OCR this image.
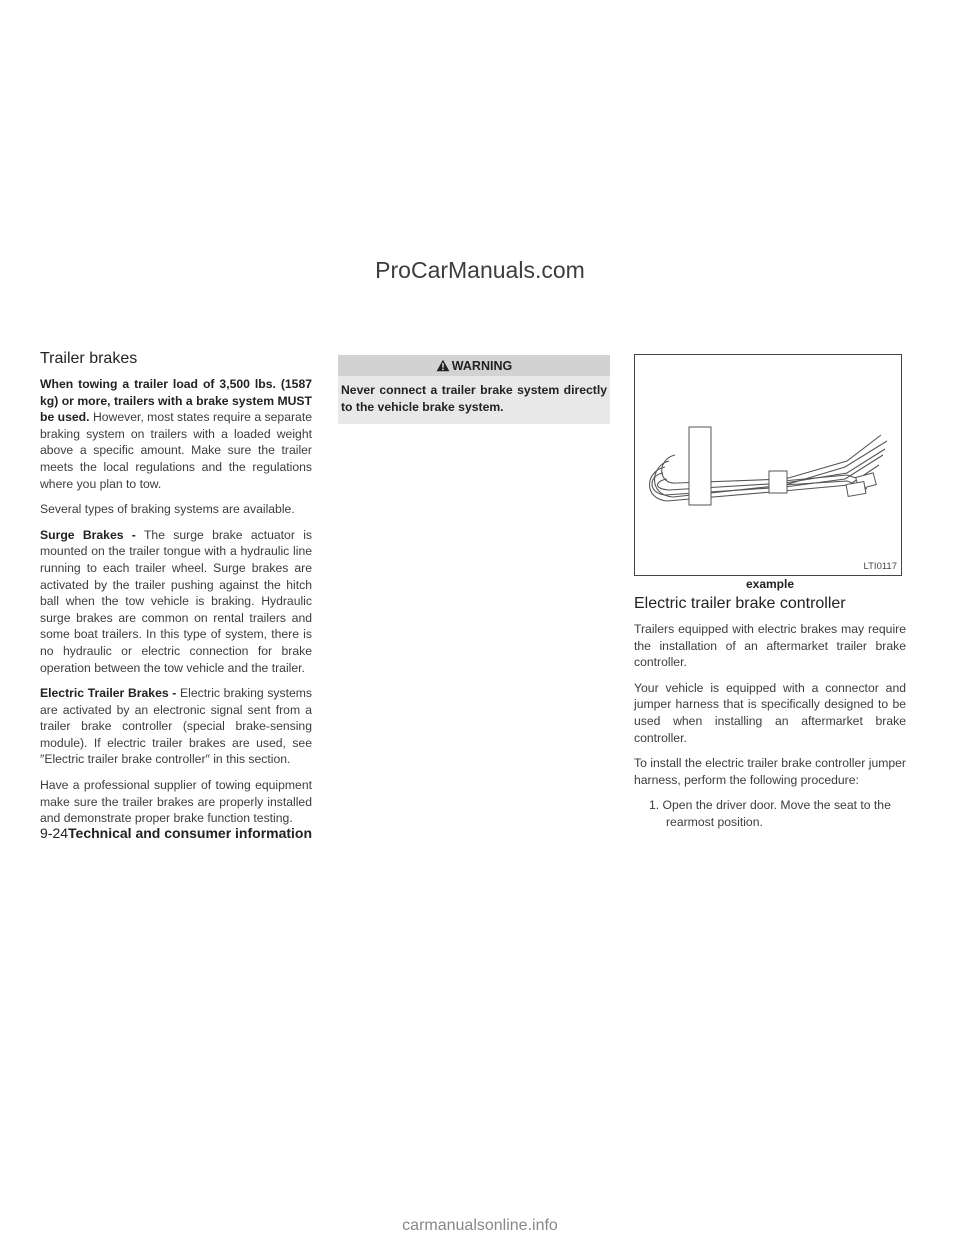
ProCarManuals.com
Trailer brakes

When towing a trailer load of 3,500 lbs. (1587 kg) or more, trailers with a brake system MUST be used. However, most states require a separate braking system on trailers with a loaded weight above a specific amount. Make sure the trailer meets the local regulations and the regulations where you plan to tow.

Several types of braking systems are available.

Surge Brakes - The surge brake actuator is mounted on the trailer tongue with a hydraulic line running to each trailer wheel. Surge brakes are activated by the trailer pushing against the hitch ball when the tow vehicle is braking. Hydraulic surge brakes are common on rental trailers and some boat trailers. In this type of system, there is no hydraulic or electric connection for brake operation between the tow vehicle and the trailer.

Electric Trailer Brakes - Electric braking systems are activated by an electronic signal sent from a trailer brake controller (special brake-sensing module). If electric trailer brakes are used, see ″Electric trailer brake controller″ in this section.

Have a professional supplier of towing equipment make sure the trailer brakes are properly installed and demonstrate proper brake function testing.

WARNING
Never connect a trailer brake system directly to the vehicle brake system.
LTI0117
example
Electric trailer brake controller

Trailers equipped with electric brakes may require the installation of an aftermarket trailer brake controller.

Your vehicle is equipped with a connector and jumper harness that is specifically designed to be used when installing an aftermarket brake controller.

To install the electric trailer brake controller jumper harness, perform the following procedure:

1. Open the driver door. Move the seat to the rearmost position.
9-24Technical and consumer information
carmanualsonline.info
